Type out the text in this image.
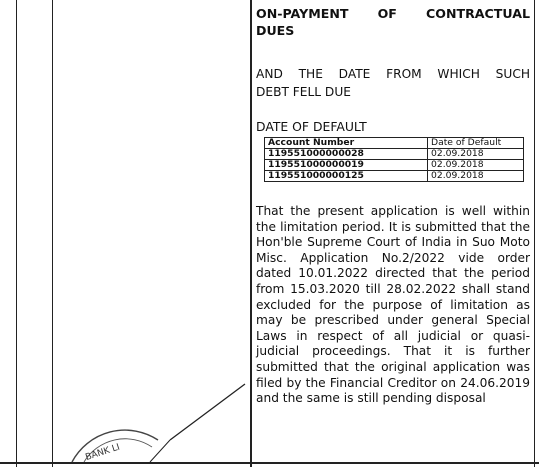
BANK LI
ON-PAYMENT OF CONTRACTUAL

DUES
AND THE DATE FROM WHICH SUCH
DEBT FELL DUE
DATE OF DEFAULT
Account Number	Date of Default
119551000000028	02.09.2018
119551000000019	02.09.2018
119551000000125	02.09.2018
That the present application is well within the limitation period. It is submitted that the Hon'ble Supreme Court of India in Suo Moto Misc. Application No.2/2022 vide order dated 10.01.2022 directed that the period from 15.03.2020 till 28.02.2022 shall stand excluded for the purpose of limitation as may be prescribed under general Special Laws in respect of all judicial or quasi-judicial proceedings. That it is further submitted that the original application was filed by the Financial Creditor on 24.06.2019 and the same is still pending disposal
